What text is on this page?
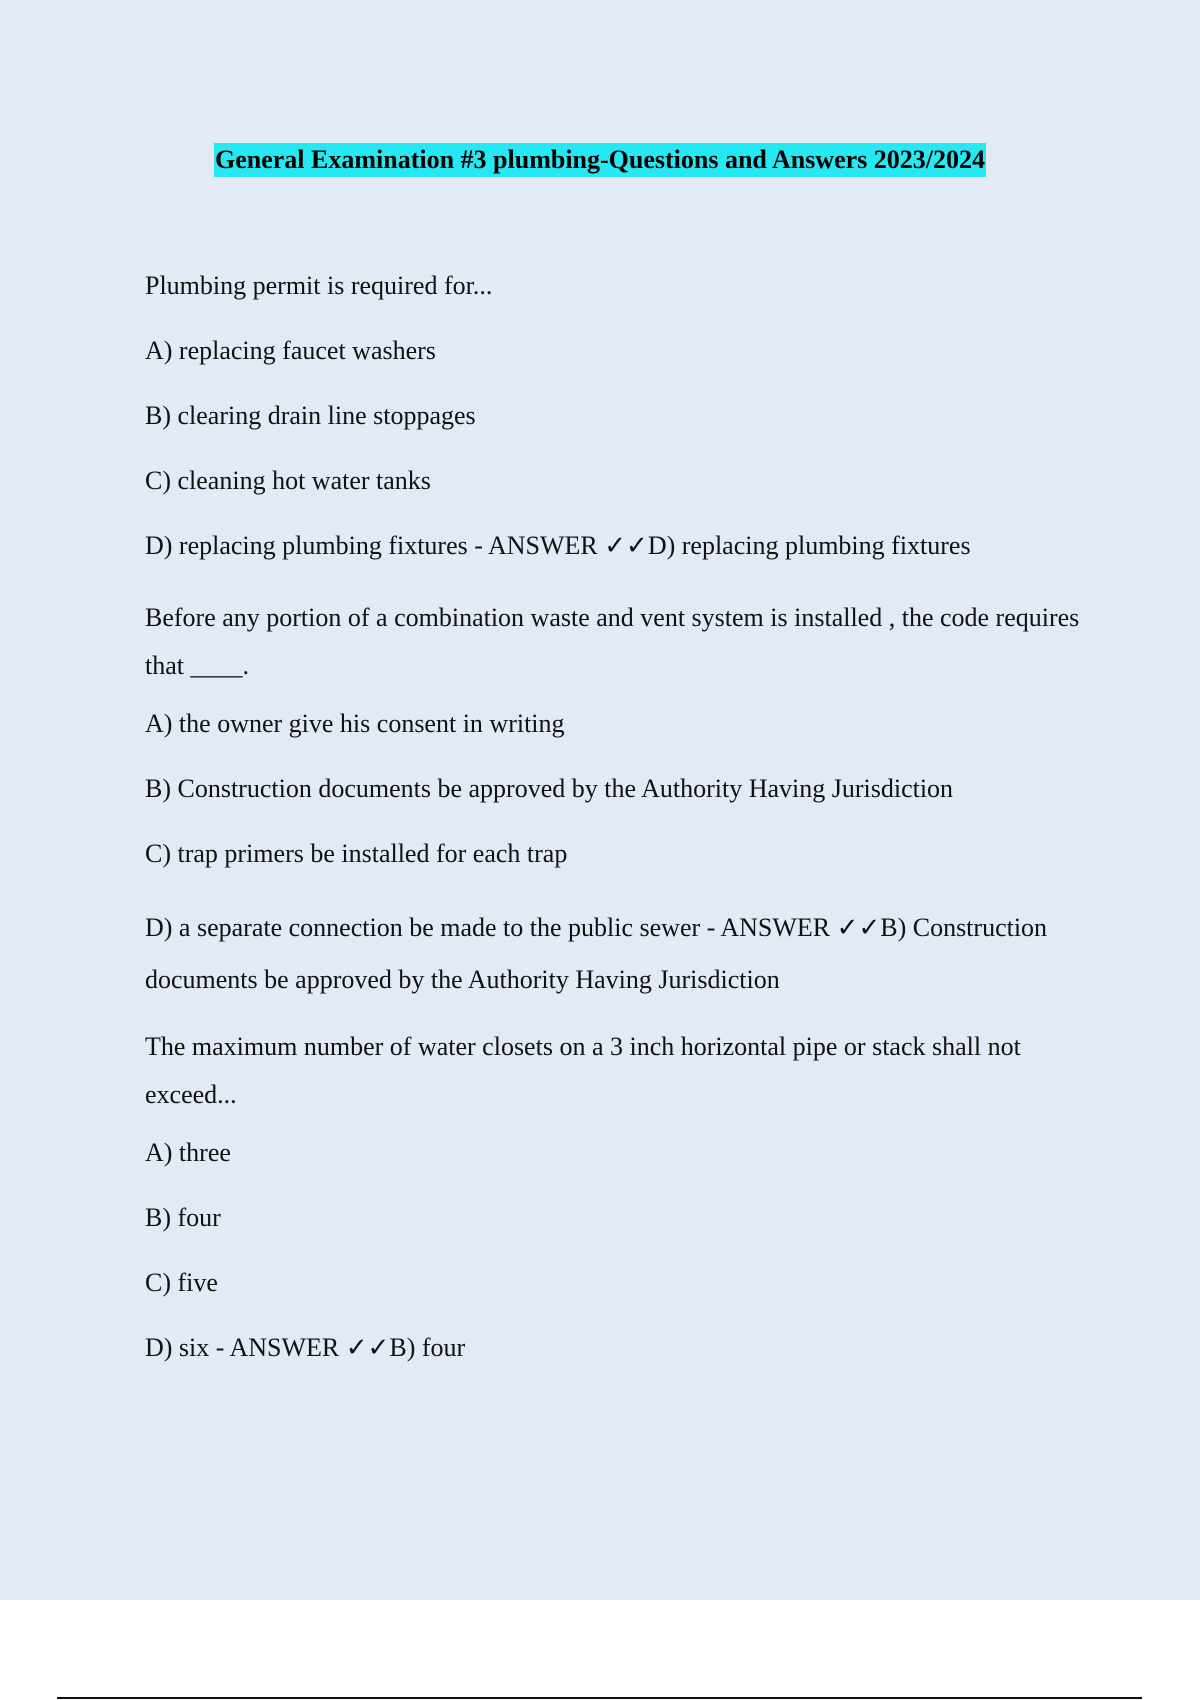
General Examination #3 plumbing-Questions and Answers 2023/2024

Plumbing permit is required for...

A) replacing faucet washers

B) clearing drain line stoppages

C) cleaning hot water tanks

D) replacing plumbing fixtures - ANSWER ✓✓D) replacing plumbing fixtures

Before any portion of a combination waste and vent system is installed , the code requires that ____.

A) the owner give his consent in writing

B) Construction documents be approved by the Authority Having Jurisdiction

C) trap primers be installed for each trap

D) a separate connection be made to the public sewer - ANSWER ✓✓B) Construction documents be approved by the Authority Having Jurisdiction

The maximum number of water closets on a 3 inch horizontal pipe or stack shall not exceed...

A) three

B) four

C) five

D) six - ANSWER ✓✓B) four
